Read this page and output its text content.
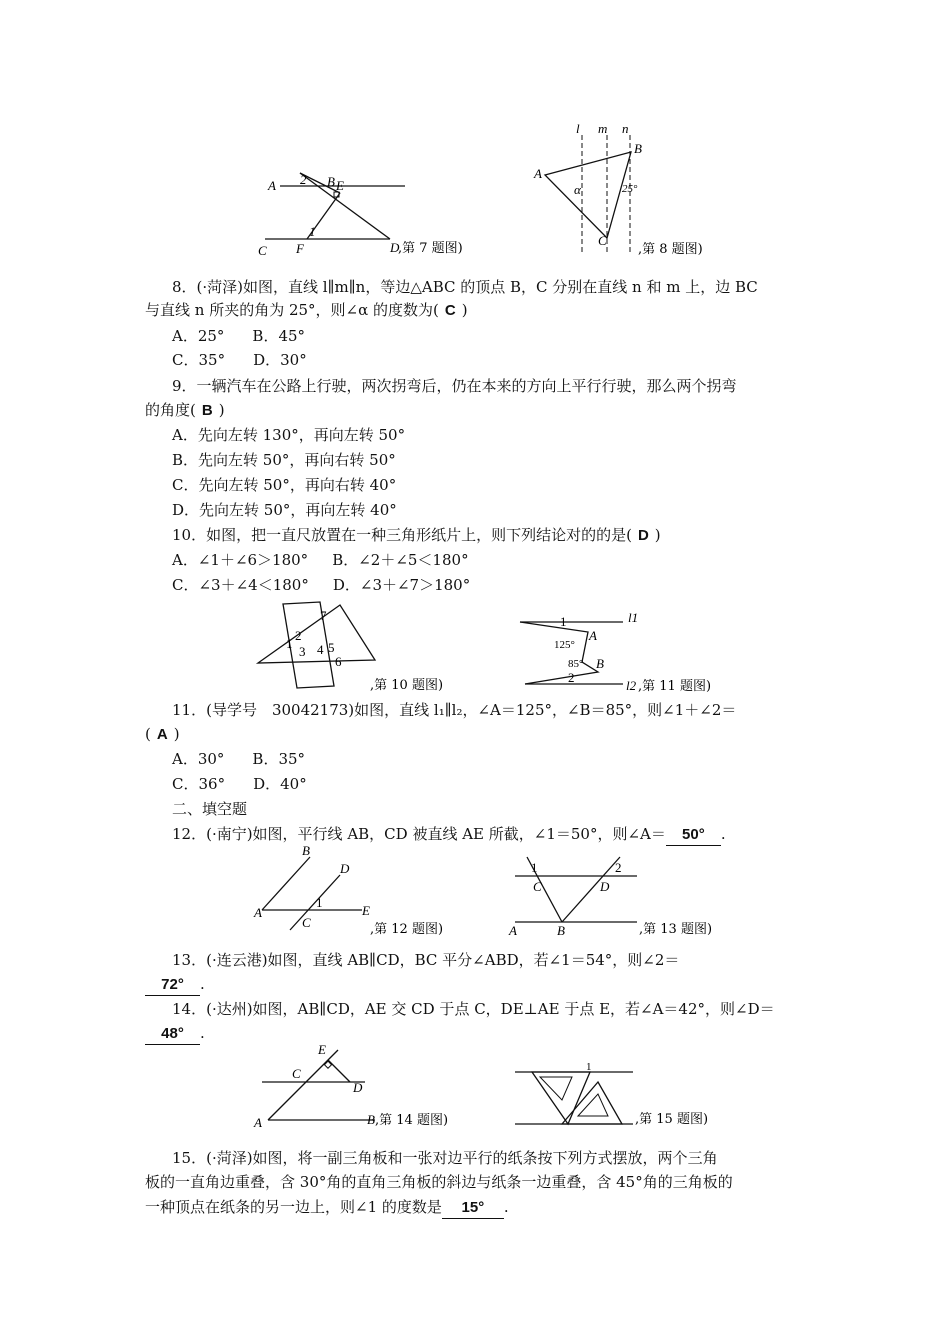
A 2 B E
1
C F	D
,第 7 题图)
l m n
A
B
α	25°
C
,第 8 题图)
8．(·菏泽)如图，直线 l∥m∥n，等边△ABC 的顶点 B，C 分别在直线 n 和 m 上，边 BC
与直线 n 所夹的角为 25°，则∠α 的度数为( C )
A．25° B．45°
C．35° D．30°
9．一辆汽车在公路上行驶，两次拐弯后，仍在本来的方向上平行行驶，那么两个拐弯
的角度( B )
A．先向左转 130°，再向左转 50°
B．先向左转 50°，再向右转 50°
C．先向左转 50°，再向右转 40°
D．先向左转 50°，再向左转 40°
10．如图，把一直尺放置在一种三角形纸片上，则下列结论对的的是( D )
A．∠1＋∠6＞180° B．∠2＋∠5＜180°
C．∠3＋∠4＜180° D．∠3＋∠7＞180°
7
1
2
3 4 5
6
,第 10 题图)
1	l1
125°
A
85° B
2
l2 ,第 11 题图)
11．(导学号　30042173)如图，直线 l₁∥l₂，∠A＝125°，∠B＝85°，则∠1＋∠2＝
( A )
A．30° B．35°
C．36° D．40°
二、填空题
12．(·南宁)如图，平行线 AB，CD 被直线 AE 所截，∠1＝50°，则∠A＝ 50° .
B
D
1
A
C
E
,第 12 题图)
1	2
C	D
A	B	,第 13 题图)
13．(·连云港)如图，直线 AB∥CD，BC 平分∠ABD，若∠1＝54°，则∠2＝
72° .
14．(·达州)如图，AB∥CD，AE 交 CD 于点 C，DE⊥AE 于点 E，若∠A＝42°，则∠D＝
48° .
E
C
D
A	B ,第 14 题图)
1
,第 15 题图)
15．(·菏泽)如图，将一副三角板和一张对边平行的纸条按下列方式摆放，两个三角
板的一直角边重叠，含 30°角的直角三角板的斜边与纸条一边重叠，含 45°角的三角板的
一种顶点在纸条的另一边上，则∠1 的度数是 15° .
